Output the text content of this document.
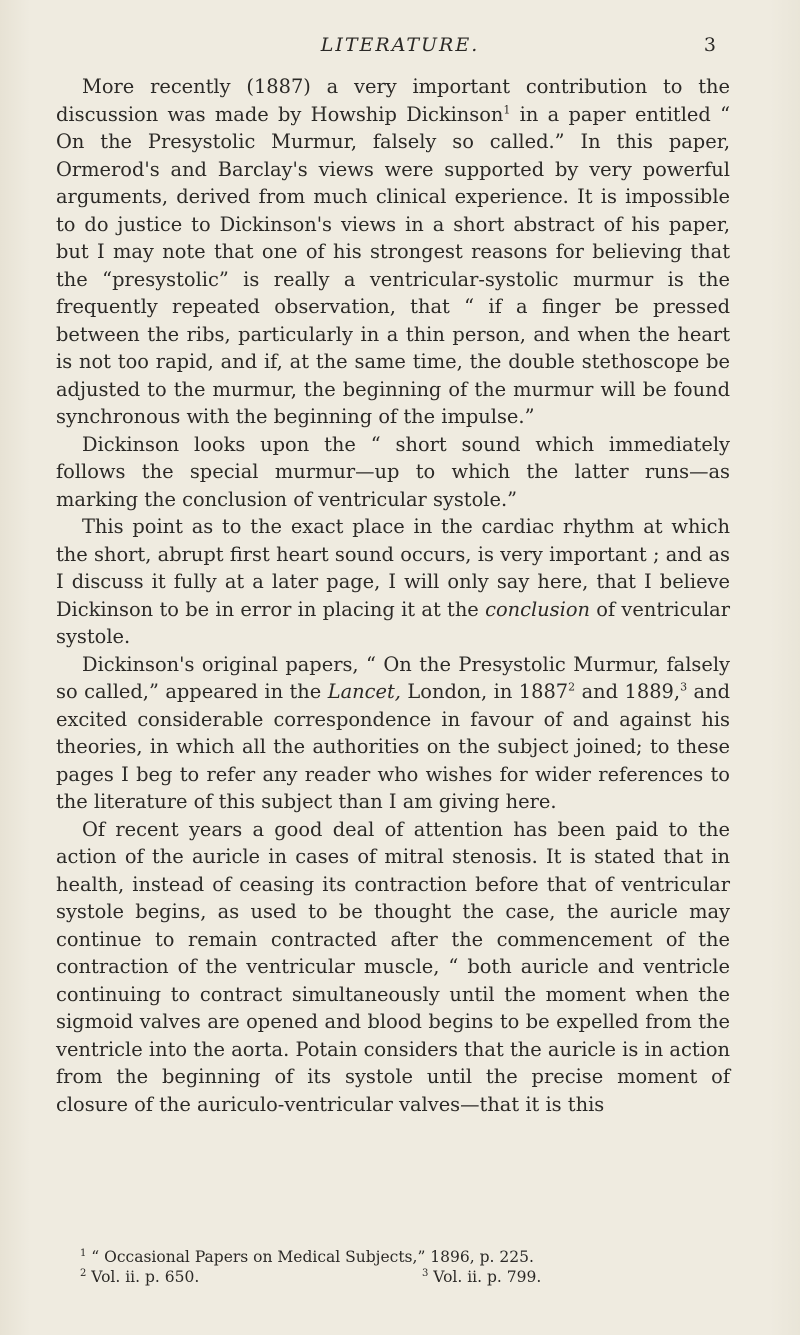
LITERATURE.	3

More recently (1887) a very important contribution to the discussion was made by Howship Dickinson$^1$ in a paper entitled “ On the Presystolic Murmur, falsely so called.” In this paper, Ormerod's and Barclay's views were supported by very powerful arguments, derived from much clinical experience. It is impossible to do justice to Dickinson's views in a short abstract of his paper, but I may note that one of his strongest reasons for believing that the “presystolic” is really a ventricular-systolic murmur is the frequently repeated observation, that “ if a finger be pressed between the ribs, particularly in a thin person, and when the heart is not too rapid, and if, at the same time, the double stethoscope be adjusted to the murmur, the beginning of the murmur will be found synchronous with the beginning of the impulse.”

Dickinson looks upon the “ short sound which immediately follows the special murmur—up to which the latter runs—as marking the conclusion of ventricular systole.”

This point as to the exact place in the cardiac rhythm at which the short, abrupt first heart sound occurs, is very important ; and as I discuss it fully at a later page, I will only say here, that I believe Dickinson to be in error in placing it at the conclusion of ventricular systole.

Dickinson's original papers, “ On the Presystolic Murmur, falsely so called,” appeared in the Lancet, London, in 1887$^2$ and 1889,$^3$ and excited considerable correspondence in favour of and against his theories, in which all the authorities on the subject joined; to these pages I beg to refer any reader who wishes for wider references to the literature of this subject than I am giving here.

Of recent years a good deal of attention has been paid to the action of the auricle in cases of mitral stenosis. It is stated that in health, instead of ceasing its contraction before that of ventricular systole begins, as used to be thought the case, the auricle may continue to remain contracted after the commencement of the contraction of the ventricular muscle, “ both auricle and ventricle continuing to contract simultaneously until the moment when the sigmoid valves are opened and blood begins to be expelled from the ventricle into the aorta. Potain considers that the auricle is in action from the beginning of its systole until the precise moment of closure of the auriculo-ventricular valves—that it is this

$^1$ “ Occasional Papers on Medical Subjects,” 1896, p. 225.
$^2$ Vol. ii. p. 650.	$^3$ Vol. ii. p. 799.
